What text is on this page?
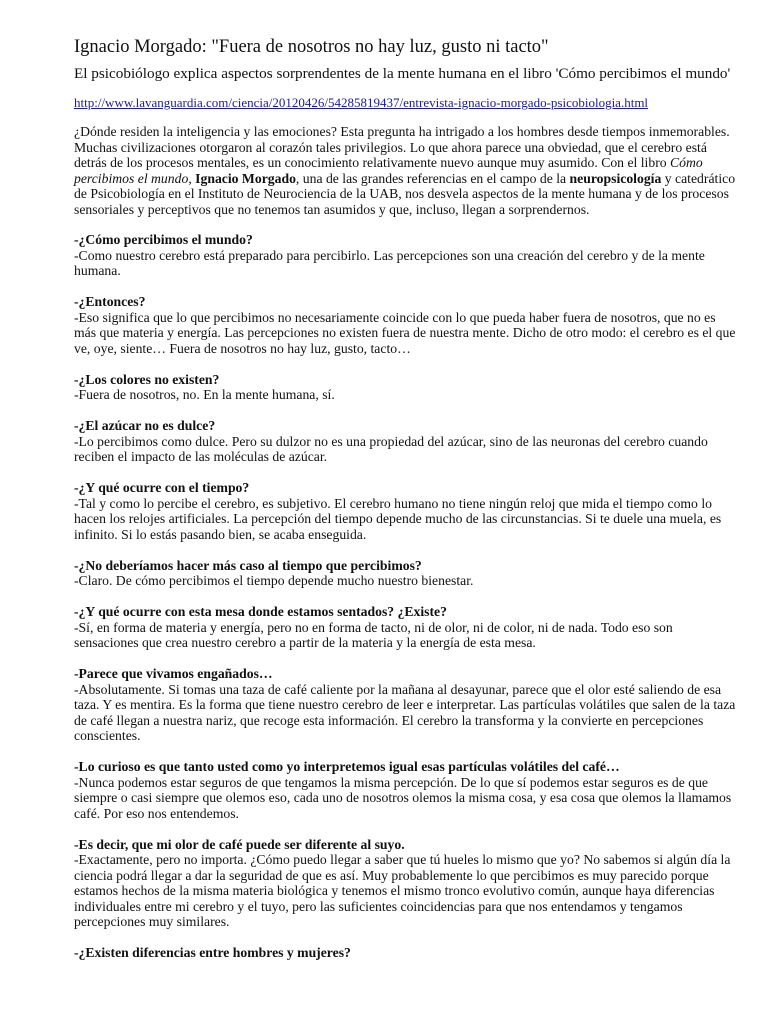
Ignacio Morgado: "Fuera de nosotros no hay luz, gusto ni tacto"
El psicobiólogo explica aspectos sorprendentes de la mente humana en el libro 'Cómo percibimos el mundo'
http://www.lavanguardia.com/ciencia/20120426/54285819437/entrevista-ignacio-morgado-psicobiologia.html
¿Dónde residen la inteligencia y las emociones? Esta pregunta ha intrigado a los hombres desde tiempos inmemorables. Muchas civilizaciones otorgaron al corazón tales privilegios. Lo que ahora parece una obviedad, que el cerebro está detrás de los procesos mentales, es un conocimiento relativamente nuevo aunque muy asumido. Con el libro Cómo percibimos el mundo, Ignacio Morgado, una de las grandes referencias en el campo de la neuropsicología y catedrático de Psicobiología en el Instituto de Neurociencia de la UAB, nos desvela aspectos de la mente humana y de los procesos sensoriales y perceptivos que no tenemos tan asumidos y que, incluso, llegan a sorprendernos.
-¿Cómo percibimos el mundo?
-Como nuestro cerebro está preparado para percibirlo. Las percepciones son una creación del cerebro y de la mente humana.
-¿Entonces?
-Eso significa que lo que percibimos no necesariamente coincide con lo que pueda haber fuera de nosotros, que no es más que materia y energía. Las percepciones no existen fuera de nuestra mente. Dicho de otro modo: el cerebro es el que ve, oye, siente… Fuera de nosotros no hay luz, gusto, tacto…
-¿Los colores no existen?
-Fuera de nosotros, no. En la mente humana, sí.
-¿El azúcar no es dulce?
-Lo percibimos como dulce. Pero su dulzor no es una propiedad del azúcar, sino de las neuronas del cerebro cuando reciben el impacto de las moléculas de azúcar.
-¿Y qué ocurre con el tiempo?
-Tal y como lo percibe el cerebro, es subjetivo. El cerebro humano no tiene ningún reloj que mida el tiempo como lo hacen los relojes artificiales. La percepción del tiempo depende mucho de las circunstancias. Si te duele una muela, es infinito. Si lo estás pasando bien, se acaba enseguida.
-¿No deberíamos hacer más caso al tiempo que percibimos?
-Claro. De cómo percibimos el tiempo depende mucho nuestro bienestar.
-¿Y qué ocurre con esta mesa donde estamos sentados? ¿Existe?
-Sí, en forma de materia y energía, pero no en forma de tacto, ni de olor, ni de color, ni de nada. Todo eso son sensaciones que crea nuestro cerebro a partir de la materia y la energía de esta mesa.
-Parece que vivamos engañados…
-Absolutamente. Si tomas una taza de café caliente por la mañana al desayunar, parece que el olor esté saliendo de esa taza. Y es mentira. Es la forma que tiene nuestro cerebro de leer e interpretar. Las partículas volátiles que salen de la taza de café llegan a nuestra nariz, que recoge esta información. El cerebro la transforma y la convierte en percepciones conscientes.
-Lo curioso es que tanto usted como yo interpretemos igual esas partículas volátiles del café…
-Nunca podemos estar seguros de que tengamos la misma percepción. De lo que sí podemos estar seguros es de que siempre o casi siempre que olemos eso, cada uno de nosotros olemos la misma cosa, y esa cosa que olemos la llamamos café. Por eso nos entendemos.
-Es decir, que mi olor de café puede ser diferente al suyo.
-Exactamente, pero no importa. ¿Cómo puedo llegar a saber que tú hueles lo mismo que yo? No sabemos si algún día la ciencia podrá llegar a dar la seguridad de que es así. Muy probablemente lo que percibimos es muy parecido porque estamos hechos de la misma materia biológica y tenemos el mismo tronco evolutivo común, aunque haya diferencias individuales entre mi cerebro y el tuyo, pero las suficientes coincidencias para que nos entendamos y tengamos percepciones muy similares.
-¿Existen diferencias entre hombres y mujeres?
